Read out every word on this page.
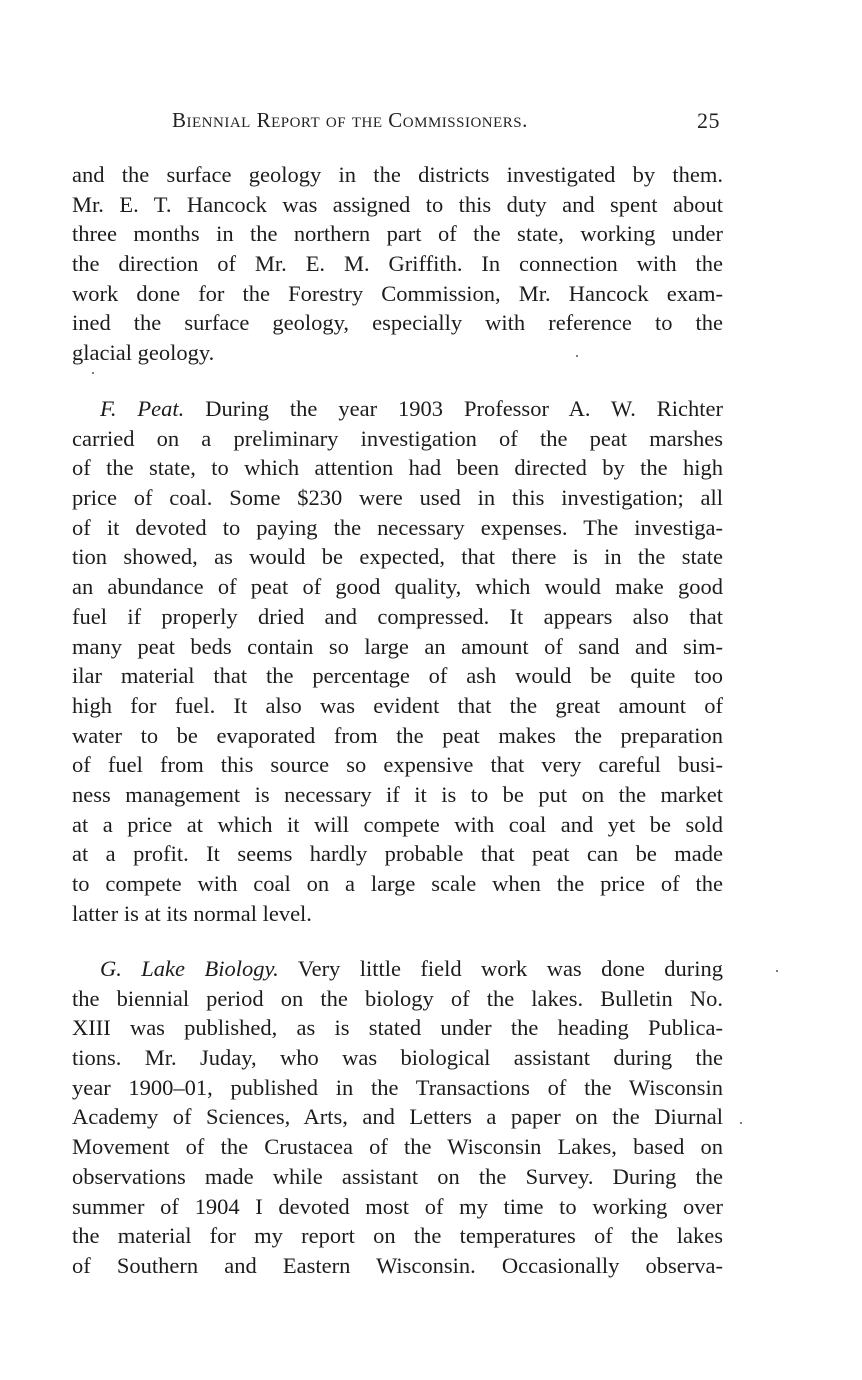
Biennial Report of the Commissioners.	25
and the surface geology in the districts investigated by them.
Mr. E. T. Hancock was assigned to this duty and spent about
three months in the northern part of the state, working under
the direction of Mr. E. M. Griffith. In connection with the
work done for the Forestry Commission, Mr. Hancock exam-
ined the surface geology, especially with reference to the
glacial geology.
F. Peat. During the year 1903 Professor A. W. Richter
carried on a preliminary investigation of the peat marshes
of the state, to which attention had been directed by the high
price of coal. Some $230 were used in this investigation; all
of it devoted to paying the necessary expenses. The investiga-
tion showed, as would be expected, that there is in the state
an abundance of peat of good quality, which would make good
fuel if properly dried and compressed. It appears also that
many peat beds contain so large an amount of sand and sim-
ilar material that the percentage of ash would be quite too
high for fuel. It also was evident that the great amount of
water to be evaporated from the peat makes the preparation
of fuel from this source so expensive that very careful busi-
ness management is necessary if it is to be put on the market
at a price at which it will compete with coal and yet be sold
at a profit. It seems hardly probable that peat can be made
to compete with coal on a large scale when the price of the
latter is at its normal level.
G. Lake Biology. Very little field work was done during
the biennial period on the biology of the lakes. Bulletin No.
XIII was published, as is stated under the heading Publica-
tions. Mr. Juday, who was biological assistant during the
year 1900–01, published in the Transactions of the Wisconsin
Academy of Sciences, Arts, and Letters a paper on the Diurnal
Movement of the Crustacea of the Wisconsin Lakes, based on
observations made while assistant on the Survey. During the
summer of 1904 I devoted most of my time to working over
the material for my report on the temperatures of the lakes
of Southern and Eastern Wisconsin. Occasionally observa-
